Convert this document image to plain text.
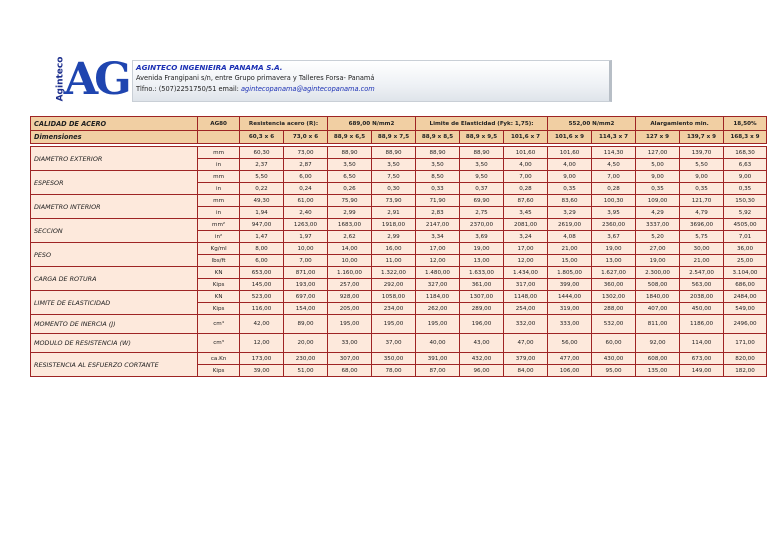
Aginteco
AG AGINTECO INGENIEIRA PANAMA S.A.
Avenida Frangipani s/n, entre Grupo primavera y Talleres Forsa- Panamá
Tlfno.: (507)2251750/51 email: agintecopanama@agintecopanama.com
CALIDAD DE ACERO	AG80	Resistencia acero (R):		689,00 N/mm2		Limite de Elasticidad (Fyk: 1,75):			552,00 N/mm2		Alargamiento min.		18,50%
Dimensiones		60,3 x 6	73,0 x 6	88,9 x 6,5	88,9 x 7,5	88,9 x 8,5	88,9 x 9,5	101,6 x 7	101,6 x 9	114,3 x 7	127 x 9	139,7 x 9	168,3 x 9

DIAMETRO EXTERIOR	mm	60,30	73,00	88,90	88,90	88,90	88,90	101,60	101,60	114,30	127,00	139,70	168,30
	in	2,37	2,87	3,50	3,50	3,50	3,50	4,00	4,00	4,50	5,00	5,50	6,63
ESPESOR	mm	5,50	6,00	6,50	7,50	8,50	9,50	7,00	9,00	7,00	9,00	9,00	9,00
	in	0,22	0,24	0,26	0,30	0,33	0,37	0,28	0,35	0,28	0,35	0,35	0,35
DIAMETRO INTERIOR	mm	49,30	61,00	75,90	73,90	71,90	69,90	87,60	83,60	100,30	109,00	121,70	150,30
	in	1,94	2,40	2,99	2,91	2,83	2,75	3,45	3,29	3,95	4,29	4,79	5,92
SECCION	mm²	947,00	1263,00	1683,00	1918,00	2147,00	2370,00	2081,00	2619,00	2360,00	3337,00	3696,00	4505,00
	in²	1,47	1,97	2,62	2,99	3,34	3,69	3,24	4,08	3,67	5,20	5,75	7,01
PESO	Kg/ml	8,00	10,00	14,00	16,00	17,00	19,00	17,00	21,00	19,00	27,00	30,00	36,00
	lbs/ft	6,00	7,00	10,00	11,00	12,00	13,00	12,00	15,00	13,00	19,00	21,00	25,00
CARGA DE ROTURA	KN	653,00	871,00	1.160,00	1.322,00	1.480,00	1.633,00	1.434,00	1.805,00	1.627,00	2.300,00	2.547,00	3.104,00
	Kips	145,00	193,00	257,00	292,00	327,00	361,00	317,00	399,00	360,00	508,00	563,00	686,00
LIMITE DE ELASTICIDAD	KN	523,00	697,00	928,00	1058,00	1184,00	1307,00	1148,00	1444,00	1302,00	1840,00	2038,00	2484,00
	Kips	116,00	154,00	205,00	234,00	262,00	289,00	254,00	319,00	288,00	407,00	450,00	549,00
MOMENTO DE INERCIA (J)	cm⁴	42,00	89,00	195,00	195,00	195,00	196,00	332,00	333,00	532,00	811,00	1186,00	2496,00
MODULO DE RESISTENCIA (W)	cm³	12,00	20,00	33,00	37,00	40,00	43,00	47,00	56,00	60,00	92,00	114,00	171,00
RESISTENCIA AL ESFUERZO CORTANTE	ca.Kn	173,00	230,00	307,00	350,00	391,00	432,00	379,00	477,00	430,00	608,00	673,00	820,00
	Kips	39,00	51,00	68,00	78,00	87,00	96,00	84,00	106,00	95,00	135,00	149,00	182,00
